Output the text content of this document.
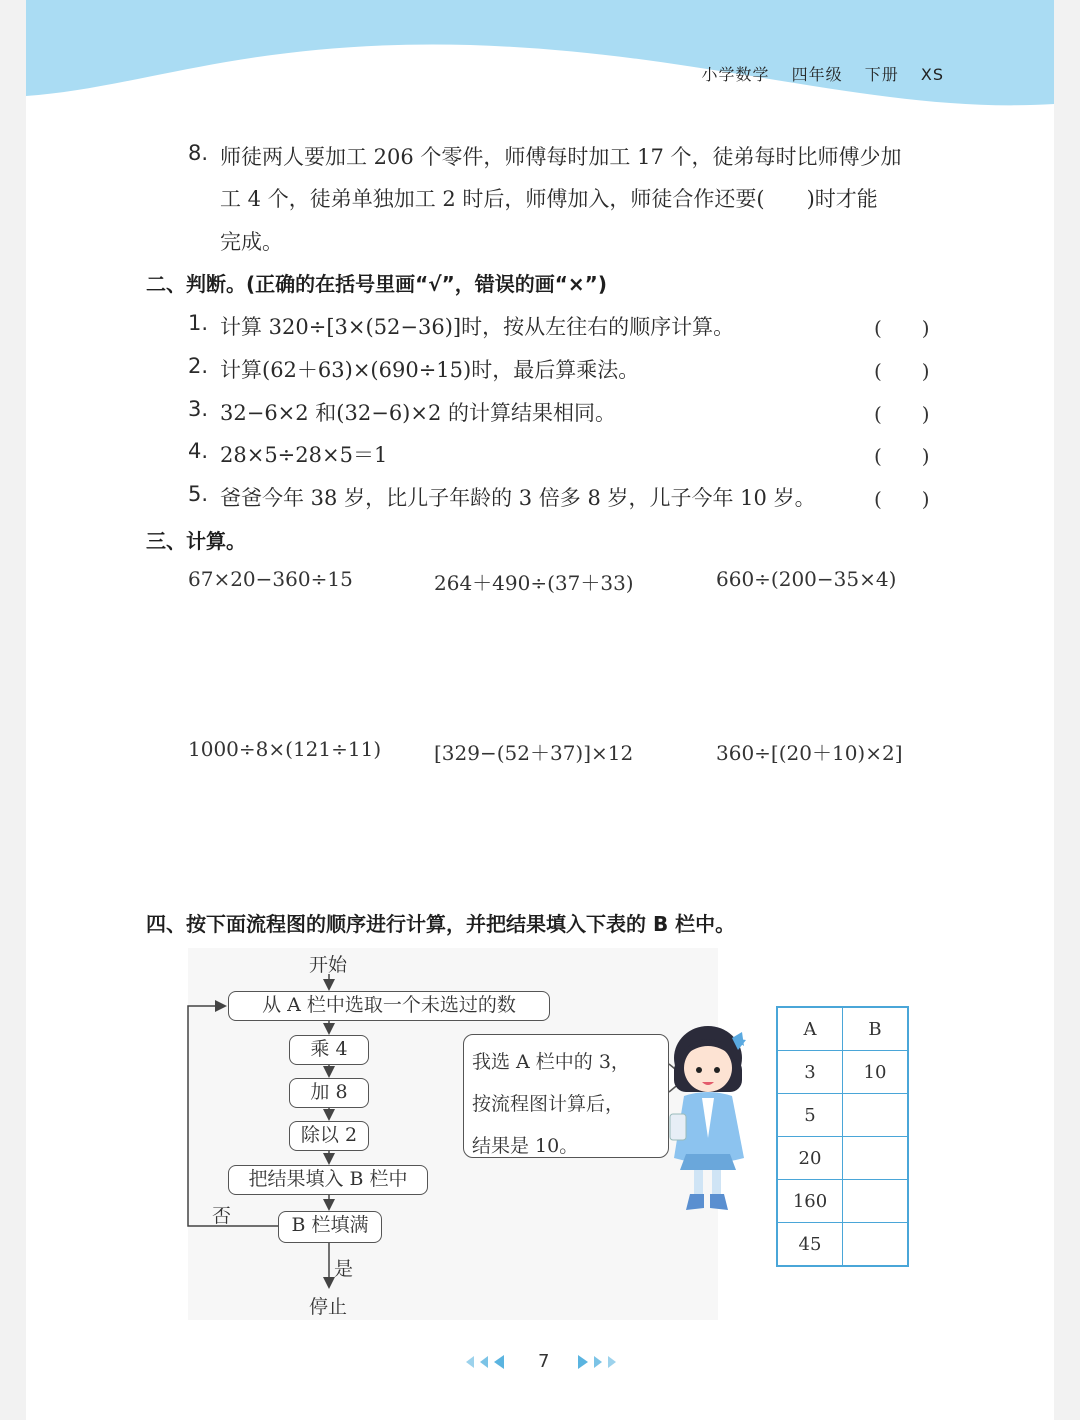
小学数学 四年级 下册 XS
8. 师徒两人要加工 206 个零件，师傅每时加工 17 个，徒弟每时比师傅少加
工 4 个，徒弟单独加工 2 时后，师傅加入，师徒合作还要(　　)时才能
完成。
二、判断。(正确的在括号里画“√”，错误的画“×”)
1. 计算 320÷[3×(52−36)]时，按从左往右的顺序计算。	(　　)
2. 计算(62＋63)×(690÷15)时，最后算乘法。	(　　)
3. 32−6×2 和(32−6)×2 的计算结果相同。	(　　)
4. 28×5÷28×5＝1	(　　)
5. 爸爸今年 38 岁，比儿子年龄的 3 倍多 8 岁，儿子今年 10 岁。	(　　)
三、计算。
67×20−360÷15	264＋490÷(37＋33)	660÷(200−35×4)
1000÷8×(121÷11)	[329−(52＋37)]×12	360÷[(20＋10)×2]
四、按下面流程图的顺序进行计算，并把结果填入下表的 B 栏中。
开始
从 A 栏中选取一个未选过的数
乘 4
加 8
除以 2
把结果填入 B 栏中
B 栏填满
否
是
停止
我选 A 栏中的 3，
按流程图计算后，
结果是 10。
A	B
3	10
5	
20	
160	
45	
7
